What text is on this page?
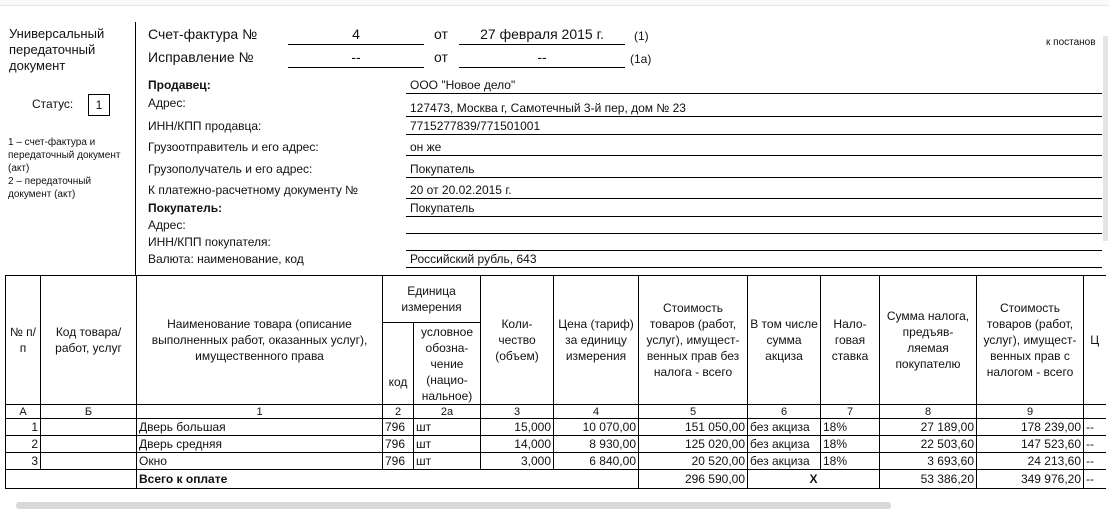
Универсальный передаточный документ
Статус:	1
1 – счет-фактура и передаточный документ (акт)
2 – передаточный документ (акт)
Счет-фактура №	4	от	27 февраля 2015 г.	(1)
Исправление №	--	от	--	(1а)
к постанов
Продавец:	ООО "Новое дело"
Адрес:	127473, Москва г, Самотечный 3-й пер, дом № 23
ИНН/КПП продавца:	7715277839/771501001
Грузоотправитель и его адрес:	он же
Грузополучатель и его адрес:	Покупатель
К платежно-расчетному документу №	20 от 20.02.2015 г.
Покупатель:	Покупатель
Адрес:
ИНН/КПП покупателя:
Валюта: наименование, код	Российский рубль, 643
№ п/п	Код товара/ работ, услуг	Наименование товара (описание выполненных работ, оказанных услуг), имущественного права	Единица измерения		Коли-чество (объем)	Цена (тариф) за единицу измерения	Стоимость товаров (работ, услуг), имущест-венных прав без налога - всего	В том числе сумма акциза	Нало-говая ставка	Сумма налога, предъяв-ляемая покупателю	Стоимость товаров (работ, услуг), имущест-венных прав с налогом - всего	Ц
			код	условное обозна-чение (нацио-нальное)								
А	Б	1	2	2а	3	4	5	6	7	8	9	
1		Дверь большая	796	шт	15,000	10 070,00	151 050,00	без акциза	18%	27 189,00	178 239,00	--
2		Дверь средняя	796	шт	14,000	8 930,00	125 020,00	без акциза	18%	22 503,60	147 523,60	--
3		Окно	796	шт	3,000	6 840,00	20 520,00	без акциза	18%	3 693,60	24 213,60	--
		Всего к оплате					296 590,00	Х		53 386,20	349 976,20	--
